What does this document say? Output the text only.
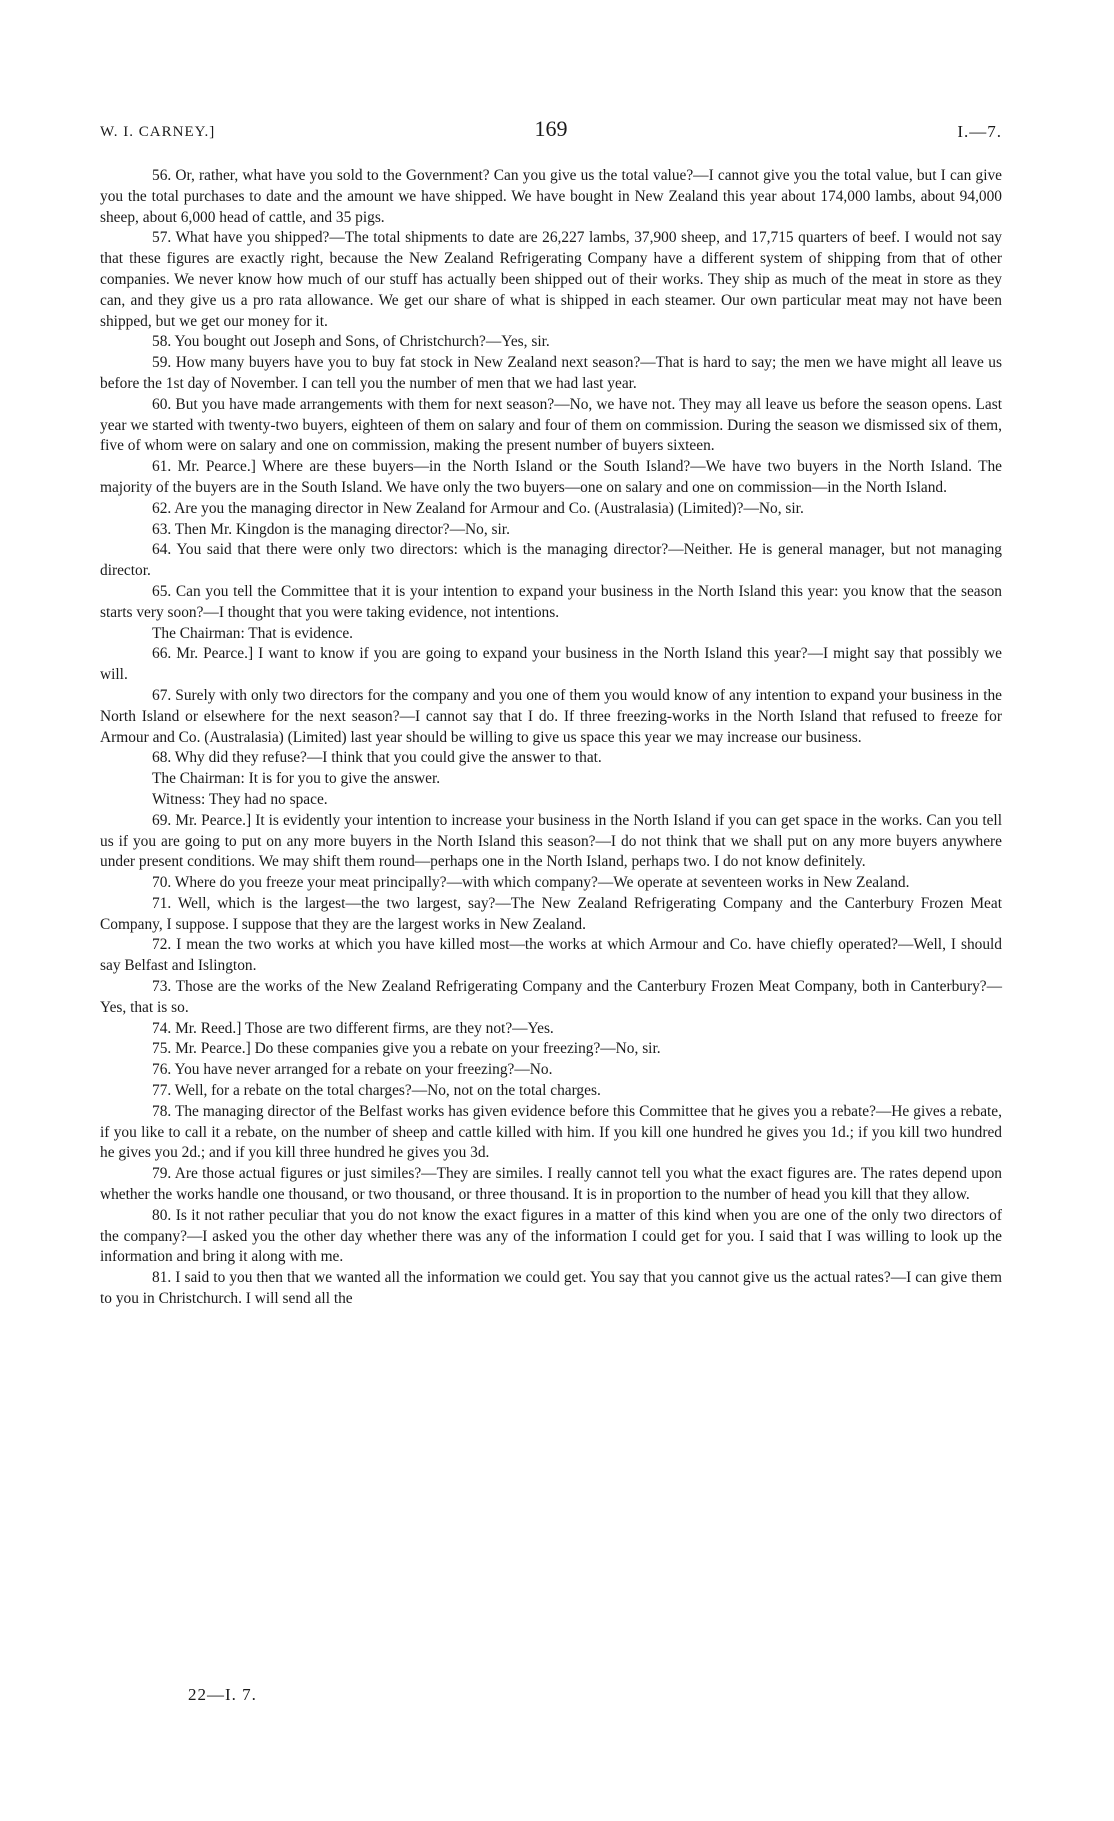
W. I. CARNEY.]	169	I.—7.

56. Or, rather, what have you sold to the Government? Can you give us the total value?—I cannot give you the total value, but I can give you the total purchases to date and the amount we have shipped. We have bought in New Zealand this year about 174,000 lambs, about 94,000 sheep, about 6,000 head of cattle, and 35 pigs.

57. What have you shipped?—The total shipments to date are 26,227 lambs, 37,900 sheep, and 17,715 quarters of beef. I would not say that these figures are exactly right, because the New Zealand Refrigerating Company have a different system of shipping from that of other companies. We never know how much of our stuff has actually been shipped out of their works. They ship as much of the meat in store as they can, and they give us a pro rata allowance. We get our share of what is shipped in each steamer. Our own particular meat may not have been shipped, but we get our money for it.

58. You bought out Joseph and Sons, of Christchurch?—Yes, sir.

59. How many buyers have you to buy fat stock in New Zealand next season?—That is hard to say; the men we have might all leave us before the 1st day of November. I can tell you the number of men that we had last year.

60. But you have made arrangements with them for next season?—No, we have not. They may all leave us before the season opens. Last year we started with twenty-two buyers, eighteen of them on salary and four of them on commission. During the season we dismissed six of them, five of whom were on salary and one on commission, making the present number of buyers sixteen.

61. Mr. Pearce.] Where are these buyers—in the North Island or the South Island?—We have two buyers in the North Island. The majority of the buyers are in the South Island. We have only the two buyers—one on salary and one on commission—in the North Island.

62. Are you the managing director in New Zealand for Armour and Co. (Australasia) (Limited)?—No, sir.

63. Then Mr. Kingdon is the managing director?—No, sir.

64. You said that there were only two directors: which is the managing director?—Neither. He is general manager, but not managing director.

65. Can you tell the Committee that it is your intention to expand your business in the North Island this year: you know that the season starts very soon?—I thought that you were taking evidence, not intentions.

The Chairman: That is evidence.

66. Mr. Pearce.] I want to know if you are going to expand your business in the North Island this year?—I might say that possibly we will.

67. Surely with only two directors for the company and you one of them you would know of any intention to expand your business in the North Island or elsewhere for the next season?—I cannot say that I do. If three freezing-works in the North Island that refused to freeze for Armour and Co. (Australasia) (Limited) last year should be willing to give us space this year we may increase our business.

68. Why did they refuse?—I think that you could give the answer to that.

The Chairman: It is for you to give the answer.

Witness: They had no space.

69. Mr. Pearce.] It is evidently your intention to increase your business in the North Island if you can get space in the works. Can you tell us if you are going to put on any more buyers in the North Island this season?—I do not think that we shall put on any more buyers anywhere under present conditions. We may shift them round—perhaps one in the North Island, perhaps two. I do not know definitely.

70. Where do you freeze your meat principally?—with which company?—We operate at seventeen works in New Zealand.

71. Well, which is the largest—the two largest, say?—The New Zealand Refrigerating Company and the Canterbury Frozen Meat Company, I suppose. I suppose that they are the largest works in New Zealand.

72. I mean the two works at which you have killed most—the works at which Armour and Co. have chiefly operated?—Well, I should say Belfast and Islington.

73. Those are the works of the New Zealand Refrigerating Company and the Canterbury Frozen Meat Company, both in Canterbury?—Yes, that is so.

74. Mr. Reed.] Those are two different firms, are they not?—Yes.

75. Mr. Pearce.] Do these companies give you a rebate on your freezing?—No, sir.

76. You have never arranged for a rebate on your freezing?—No.

77. Well, for a rebate on the total charges?—No, not on the total charges.

78. The managing director of the Belfast works has given evidence before this Committee that he gives you a rebate?—He gives a rebate, if you like to call it a rebate, on the number of sheep and cattle killed with him. If you kill one hundred he gives you 1d.; if you kill two hundred he gives you 2d.; and if you kill three hundred he gives you 3d.

79. Are those actual figures or just similes?—They are similes. I really cannot tell you what the exact figures are. The rates depend upon whether the works handle one thousand, or two thousand, or three thousand. It is in proportion to the number of head you kill that they allow.

80. Is it not rather peculiar that you do not know the exact figures in a matter of this kind when you are one of the only two directors of the company?—I asked you the other day whether there was any of the information I could get for you. I said that I was willing to look up the information and bring it along with me.

81. I said to you then that we wanted all the information we could get. You say that you cannot give us the actual rates?—I can give them to you in Christchurch. I will send all the

22—I. 7.
